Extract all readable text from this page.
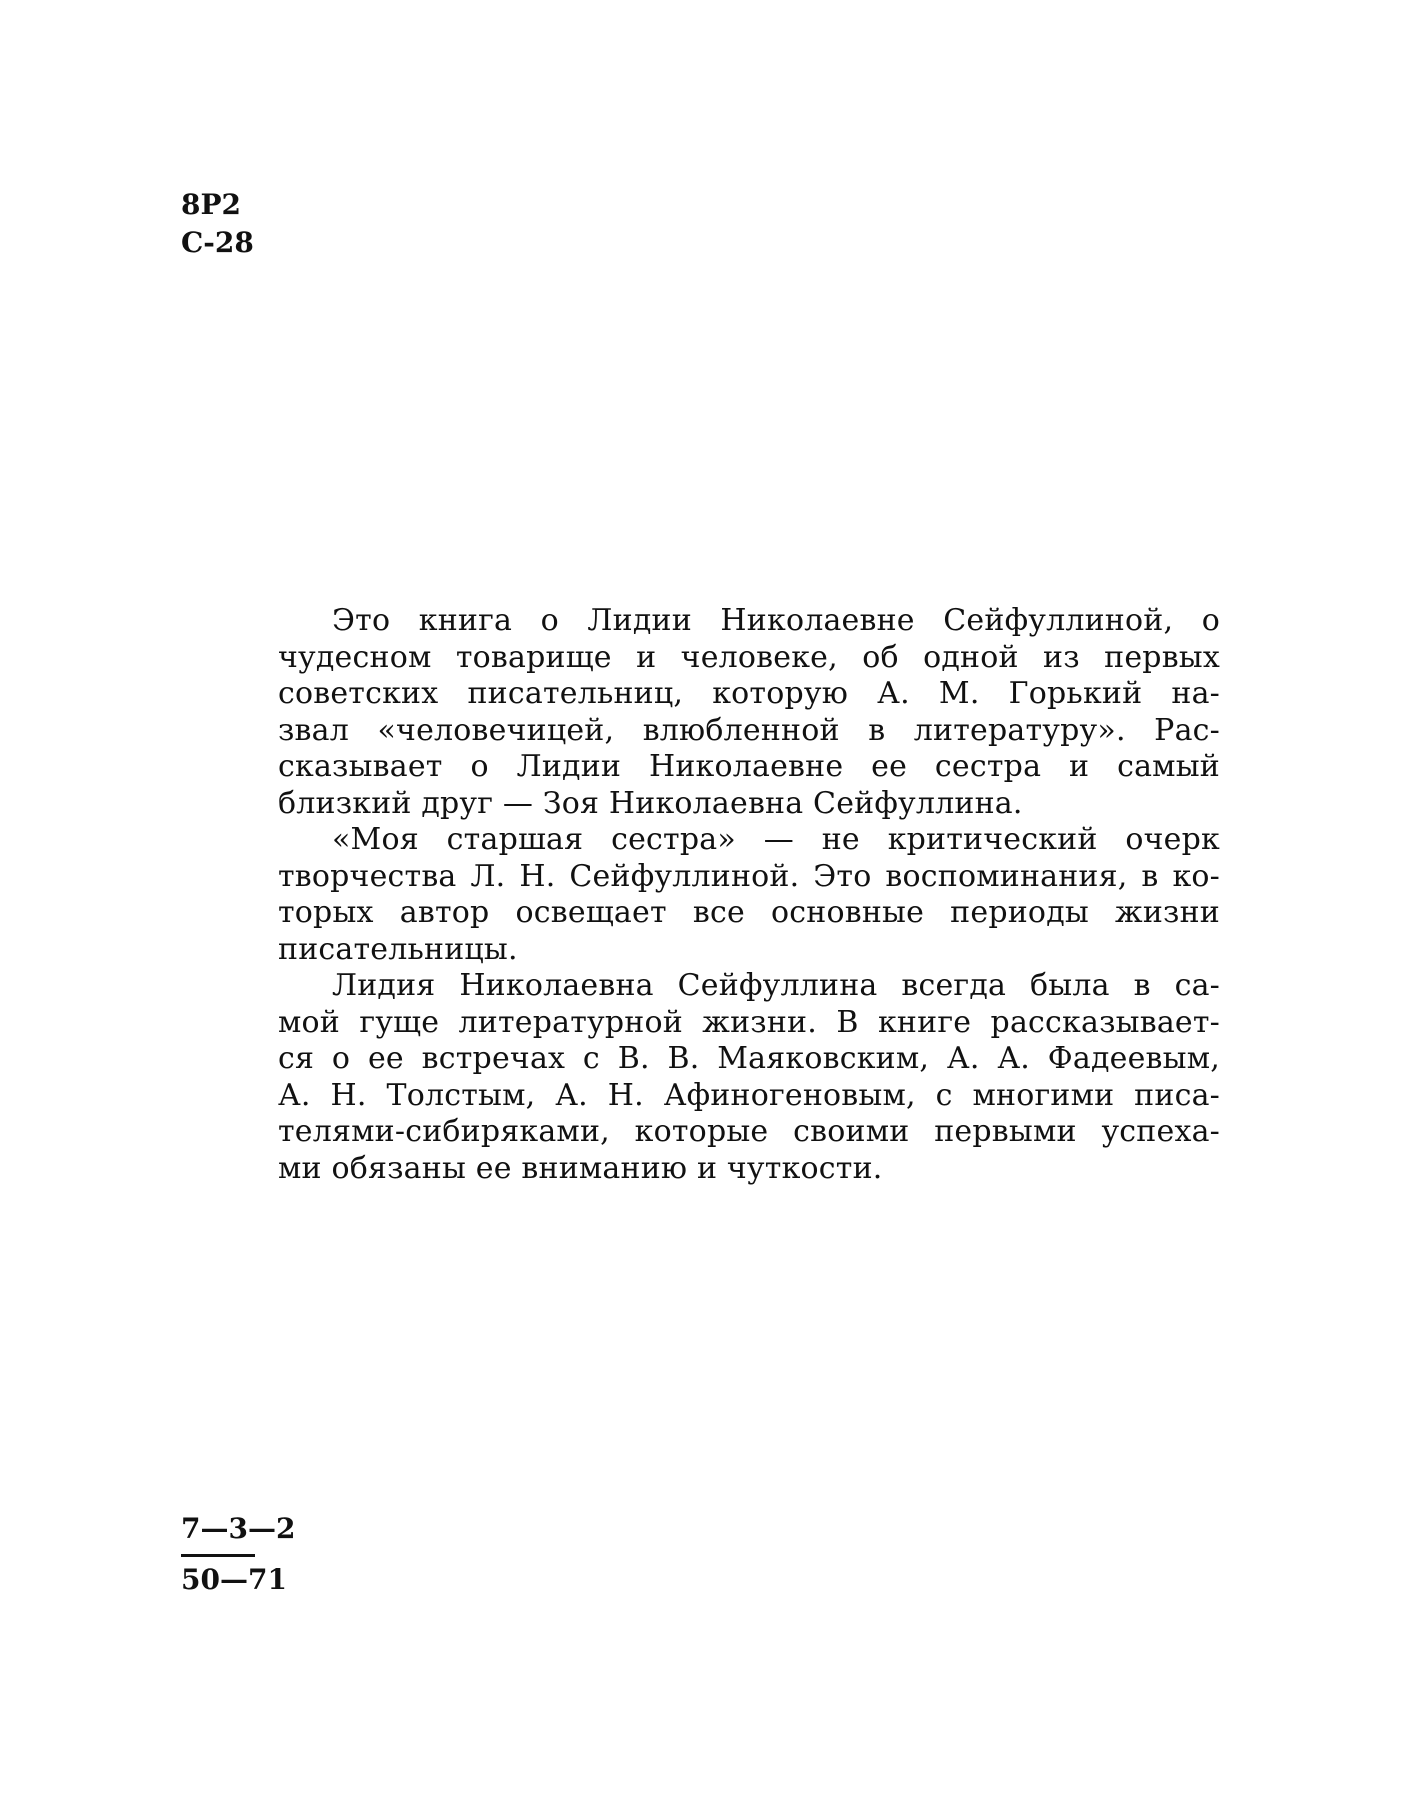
8Р2
С-28
Это книга о Лидии Николаевне Сейфуллиной, о
чудесном товарище и человеке, об одной из первых
советских писательниц, которую А. М. Горький на-
звал «человечицей, влюбленной в литературу». Рас-
сказывает о Лидии Николаевне ее сестра и самый
близкий друг — Зоя Николаевна Сейфуллина.
«Моя старшая сестра» — не критический очерк
творчества Л. Н. Сейфуллиной. Это воспоминания, в ко-
торых автор освещает все основные периоды жизни
писательницы.
Лидия Николаевна Сейфуллина всегда была в са-
мой гуще литературной жизни. В книге рассказывает-
ся о ее встречах с В. В. Маяковским, А. А. Фадеевым,
А. Н. Толстым, А. Н. Афиногеновым, с многими писа-
телями-сибиряками, которые своими первыми успеха-
ми обязаны ее вниманию и чуткости.
7—3—2
50—71
